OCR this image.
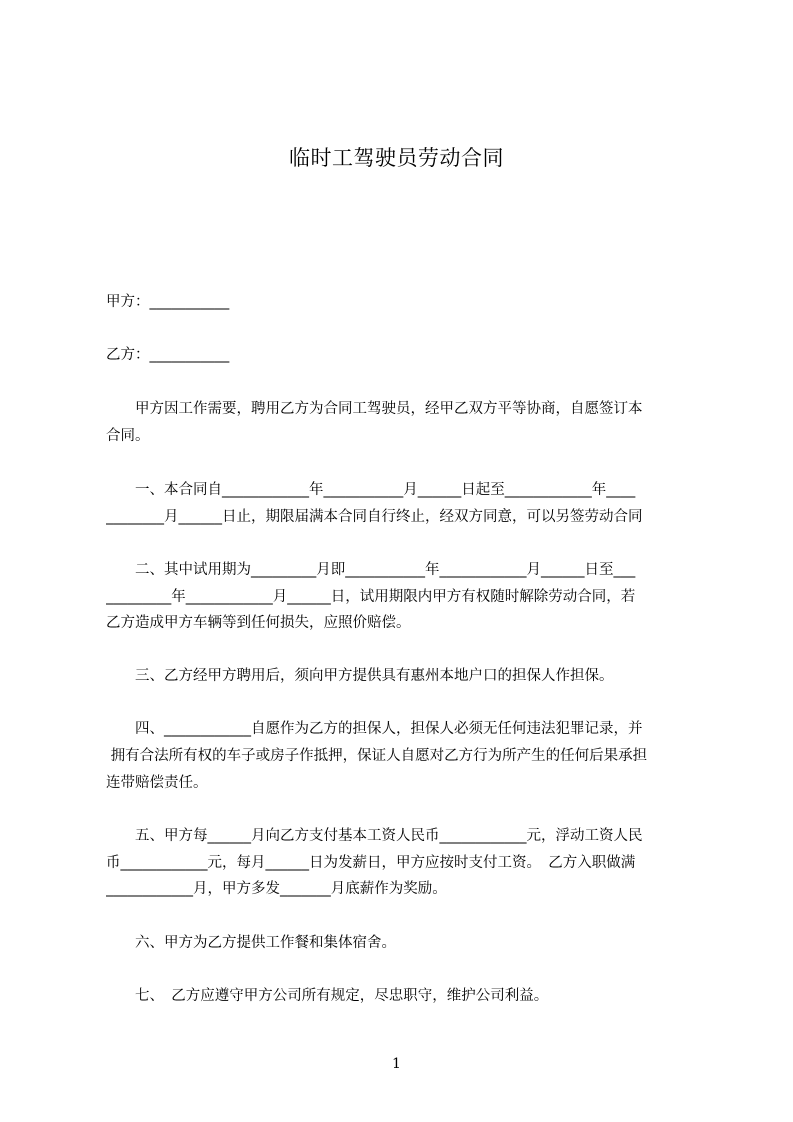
临时工驾驶员劳动合同
甲方：___________
乙方：___________
　　甲方因工作需要，聘用乙方为合同工驾驶员，经甲乙双方平等协商，自愿签订本
合同。
　　一、本合同自____________年___________月______日起至____________年____
________月______日止，期限届满本合同自行终止，经双方同意，可以另签劳动合同
　　二、其中试用期为_________月即___________年____________月______日至___
_________年____________月______日，试用期限内甲方有权随时解除劳动合同，若
乙方造成甲方车辆等到任何损失，应照价赔偿。
　　三、乙方经甲方聘用后，须向甲方提供具有惠州本地户口的担保人作担保。
　　四、____________自愿作为乙方的担保人，担保人必须无任何违法犯罪记录，并
拥有合法所有权的车子或房子作抵押，保证人自愿对乙方行为所产生的任何后果承担
连带赔偿责任。
　　五、甲方每______月向乙方支付基本工资人民币____________元，浮动工资人民
币____________元，每月______日为发薪日，甲方应按时支付工资。　乙方入职做满
____________月，甲方多发_______月底薪作为奖励。
　　六、甲方为乙方提供工作餐和集体宿舍。
　　七、　乙方应遵守甲方公司所有规定，尽忠职守，维护公司利益。
1
